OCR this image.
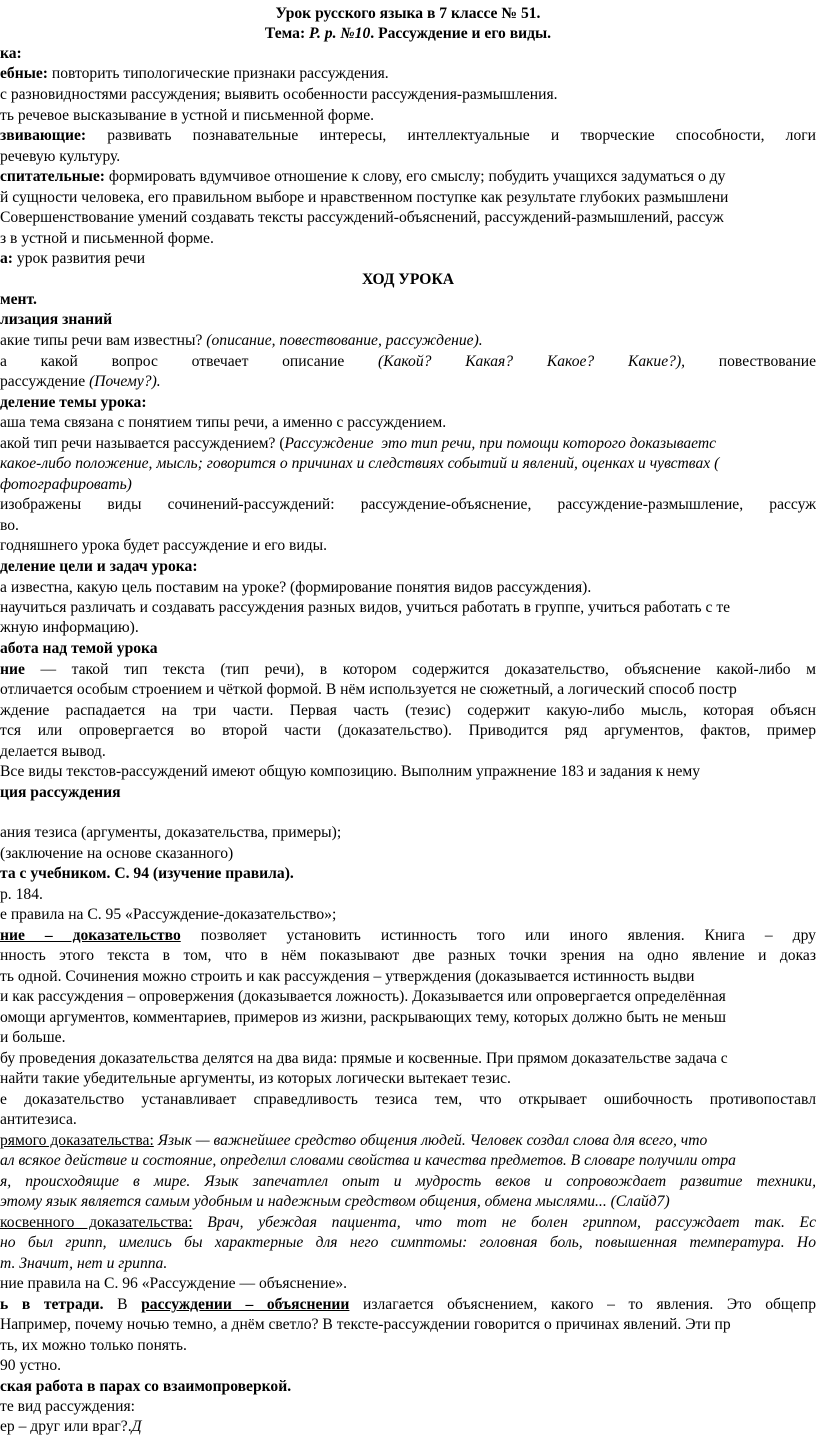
Урок русского языка в 7 классе № 51.
Тема: Р. р. №10. Рассуждение и его виды.
ка:
ебные: повторить типологические признаки рассуждения.
с разновидностями рассуждения; выявить особенности рассуждения-размышления.
ть речевое высказывание в устной и письменной форме.
звивающие: развивать познавательные интересы, интеллектуальные и творческие способности, логи
речевую культуру.
спитательные: формировать вдумчивое отношение к слову, его смыслу; побудить учащихся задуматься о ду
й сущности человека, его правильном выборе и нравственном поступке как результате глубоких размышлени
Совершенствование умений создавать тексты рассуждений-объяснений, рассуждений-размышлений, рассуж
з в устной и письменной форме.
а: урок развития речи
ХОД УРОКА
мент.
лизация знаний
акие типы речи вам известны? (описание, повествование, рассуждение).
а какой вопрос отвечает описание (Какой? Какая? Какое? Какие?), повествование
рассуждение (Почему?).
деление темы урока:
аша тема связана с понятием типы речи, а именно с рассуждением.
акой тип речи называется рассуждением? (Рассуждение  это тип речи, при помощи которого доказываетс
какое-либо положение, мысль; говорится о причинах и следствиях событий и явлений, оценках и чувствах (
фотографировать)
изображены виды сочинений-рассуждений: рассуждение-объяснение, рассуждение-размышление, рассуж
во.
годняшнего урока будет рассуждение и его виды.
деление цели и задач урока:
а известна, какую цель поставим на уроке? (формирование понятия видов рассуждения).
научиться различать и создавать рассуждения разных видов, учиться работать в группе, учиться работать с те
жную информацию).
абота над темой урока
ние — такой тип текста (тип речи), в котором содержится доказательство, объяснение какой-либо м
отличается особым строением и чёткой формой. В нём используется не сюжетный, а логический способ постр
ждение распадается на три части. Первая часть (тезис) содержит какую-либо мысль, которая объясн
тся или опровергается во второй части (доказательство). Приводится ряд аргументов, фактов, пример
делается вывод.
Все виды текстов-рассуждений имеют общую композицию. Выполним упражнение 183 и задания к нему
ция рассуждения
ания тезиса (аргументы, доказательства, примеры);
(заключение на основе сказанного)
та с учебником. С. 94 (изучение правила).
р. 184.
е правила на С. 95 «Рассуждение-доказательство»;
ние – доказательство позволяет установить истинность того или иного явления. Книга – дру
нность этого текста в том, что в нём показывают две разных точки зрения на одно явление и доказ
ть одной. Сочинения можно строить и как рассуждения – утверждения (доказывается истинность выдви
и как рассуждения – опровержения (доказывается ложность). Доказывается или опровергается определённая
омощи аргументов, комментариев, примеров из жизни, раскрывающих тему, которых должно быть не меньш
и больше.
бу проведения доказательства делятся на два вида: прямые и косвенные. При прямом доказательстве задача с
найти такие убедительные аргументы, из которых логически вытекает тезис.
е доказательство устанавливает справедливость тезиса тем, что открывает ошибочность противопоставл
антитезиса.
рямого доказательства: Язык — важнейшее средство общения людей. Человек создал слова для всего, что
ал всякое действие и состояние, определил словами свойства и качества предметов. В словаре получили отра
я, происходящие в мире. Язык запечатлел опыт и мудрость веков и сопровождает развитие техники,
этому язык является самым удобным и надежным средством общения, обмена мыслями... (Слайд7)
косвенного доказательства: Врач, убеждая пациента, что тот не болен гриппом, рассуждает так. Ес
но был грипп, имелись бы характерные для него симптомы: головная боль, повышенная температура. Но
т. Значит, нет и гриппа.
ние правила на С. 96 «Рассуждение — объяснение».
ь в тетради. В рассуждении – объяснении излагается объяснением, какого – то явления. Это общепр
Например, почему ночью темно, а днём светло? В тексте-рассуждении говорится о причинах явлений. Эти пр
ть, их можно только понять.
90 устно.
ская работа в парах со взаимопроверкой.
те вид рассуждения:
ер – друг или враг?.Д
